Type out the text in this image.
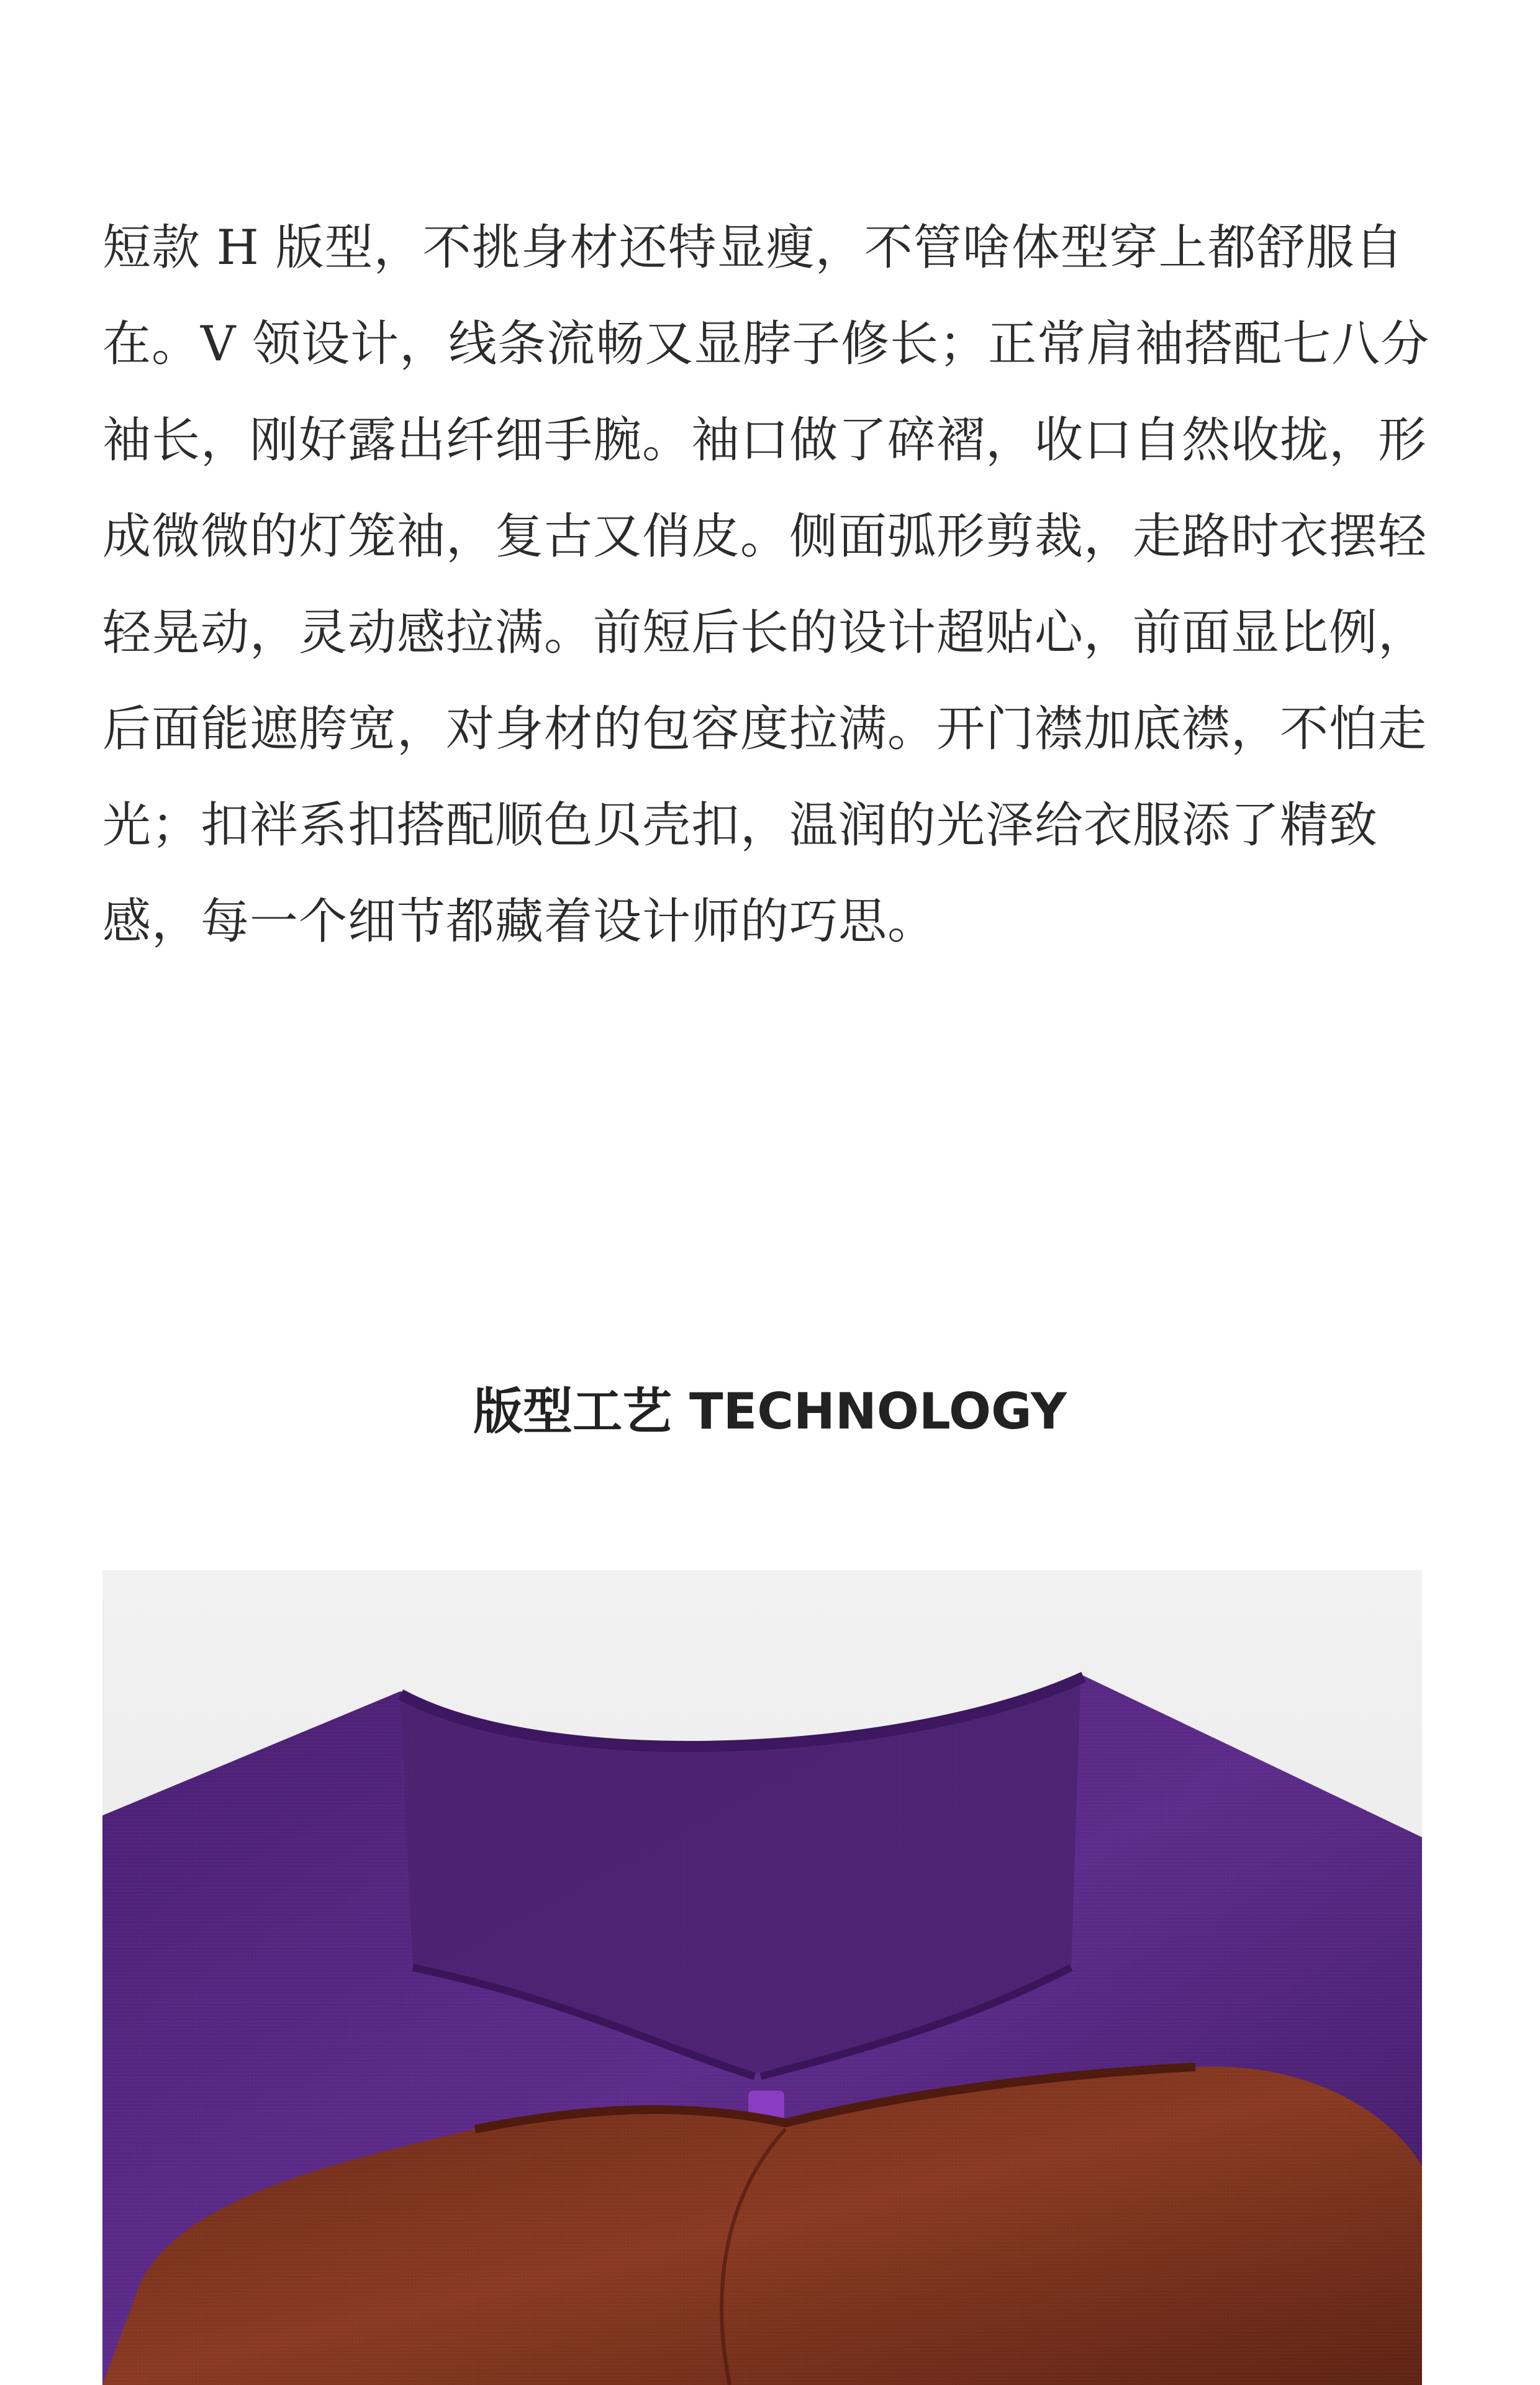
短款 H 版型，不挑身材还特显瘦，不管啥体型穿上都舒服自在。V 领设计，线条流畅又显脖子修长；正常肩袖搭配七八分袖长，刚好露出纤细手腕。袖口做了碎褶，收口自然收拢，形成微微的灯笼袖，复古又俏皮。侧面弧形剪裁，走路时衣摆轻轻晃动，灵动感拉满。前短后长的设计超贴心，前面显比例，后面能遮胯宽，对身材的包容度拉满。开门襟加底襟，不怕走光；扣袢系扣搭配顺色贝壳扣，温润的光泽给衣服添了精致感，每一个细节都藏着设计师的巧思。

版型工艺 TECHNOLOGY
